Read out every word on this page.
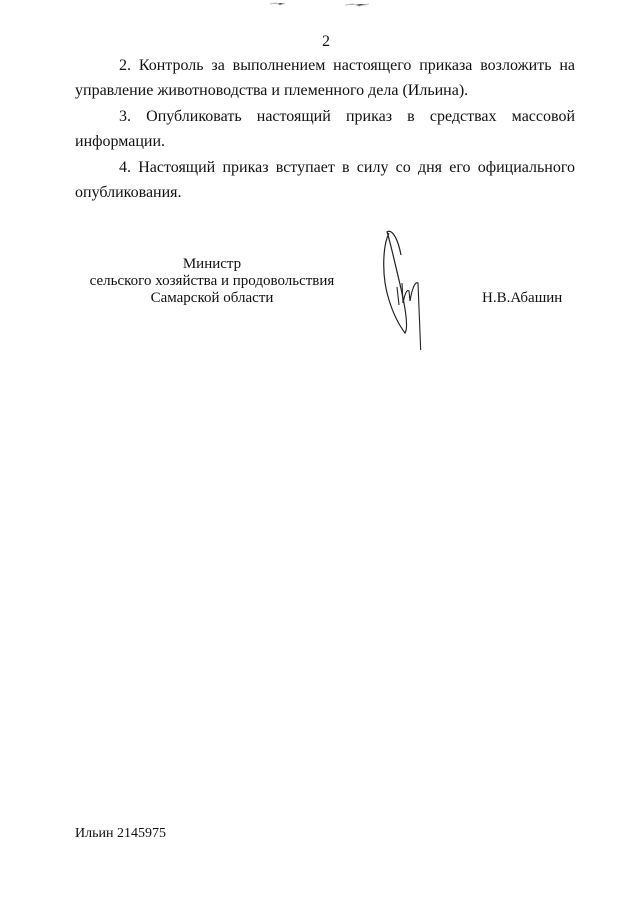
2

2. Контроль за выполнением настоящего приказа возложить на управление животноводства и племенного дела (Ильина).

3. Опубликовать настоящий приказ в средствах массовой информации.

4. Настоящий приказ вступает в силу со дня его официального опубликования.

Министр
сельского хозяйства и продовольствия
Самарской области	Н.В.Абашин
Ильин 2145975
